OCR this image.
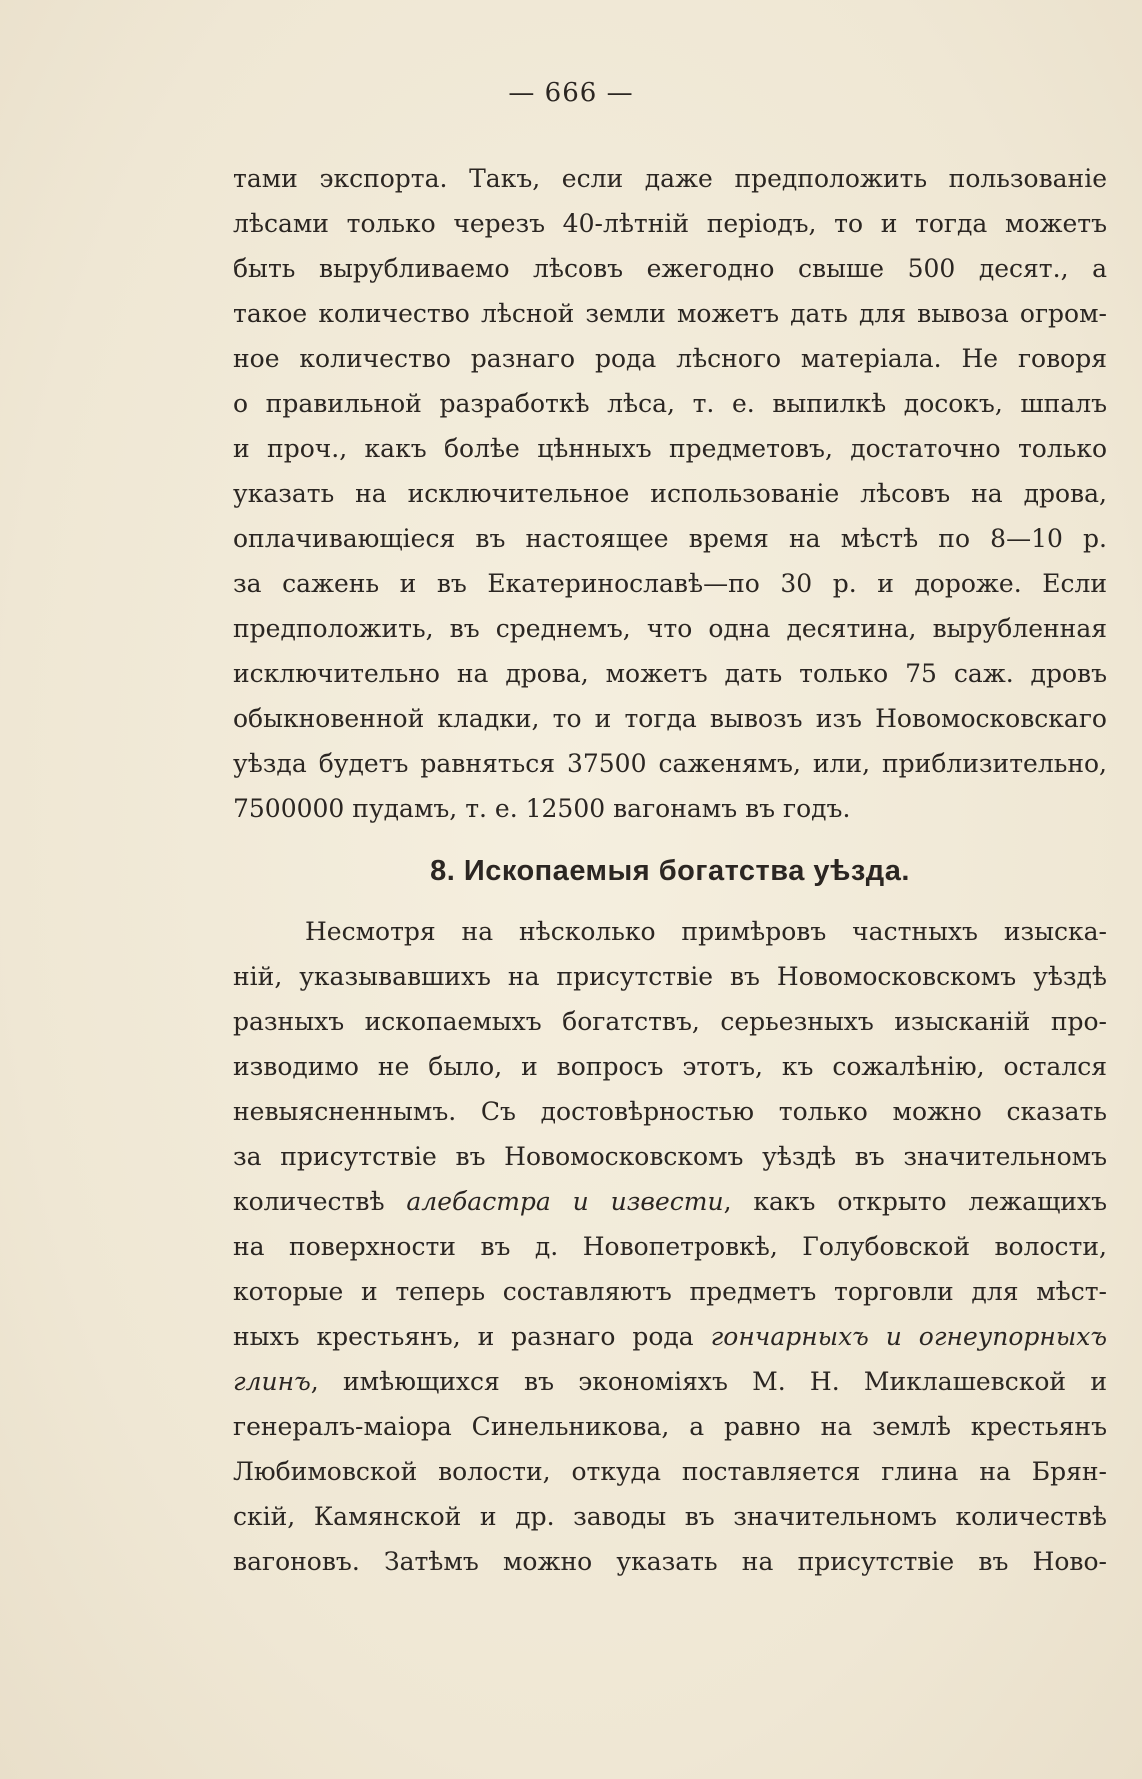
— 666 —
тами экспорта. Такъ, если даже предположить пользованіе
лѣсами только черезъ 40-лѣтній періодъ, то и тогда можетъ
быть вырубливаемо лѣсовъ ежегодно свыше 500 десят., а
такое количество лѣсной земли можетъ дать для вывоза огром-
ное количество разнаго рода лѣсного матеріала. Не говоря
о правильной разработкѣ лѣса, т. е. выпилкѣ досокъ, шпалъ
и проч., какъ болѣе цѣнныхъ предметовъ, достаточно только
указать на исключительное использованіе лѣсовъ на дрова,
оплачивающіеся въ настоящее время на мѣстѣ по 8—10 р.
за сажень и въ Екатеринославѣ—по 30 р. и дороже. Если
предположить, въ среднемъ, что одна десятина, вырубленная
исключительно на дрова, можетъ дать только 75 саж. дровъ
обыкновенной кладки, то и тогда вывозъ изъ Новомосковскаго
уѣзда будетъ равняться 37500 саженямъ, или, приблизительно,
7500000 пудамъ, т. е. 12500 вагонамъ въ годъ.
8. Ископаемыя богатства уѣзда.
Несмотря на нѣсколько примѣровъ частныхъ изыска-
ній, указывавшихъ на присутствіе въ Новомосковскомъ уѣздѣ
разныхъ ископаемыхъ богатствъ, серьезныхъ изысканій про-
изводимо не было, и вопросъ этотъ, къ сожалѣнію, остался
невыясненнымъ. Съ достовѣрностью только можно сказать
за присутствіе въ Новомосковскомъ уѣздѣ въ значительномъ
количествѣ алебастра и извести, какъ открыто лежащихъ
на поверхности въ д. Новопетровкѣ, Голубовской волости,
которые и теперь составляютъ предметъ торговли для мѣст-
ныхъ крестьянъ, и разнаго рода гончарныхъ и огнеупорныхъ
глинъ, имѣющихся въ экономіяхъ М. Н. Миклашевской и
генералъ-маіора Синельникова, а равно на землѣ крестьянъ
Любимовской волости, откуда поставляется глина на Брян-
скій, Камянской и др. заводы въ значительномъ количествѣ
вагоновъ. Затѣмъ можно указать на присутствіе въ Ново-
